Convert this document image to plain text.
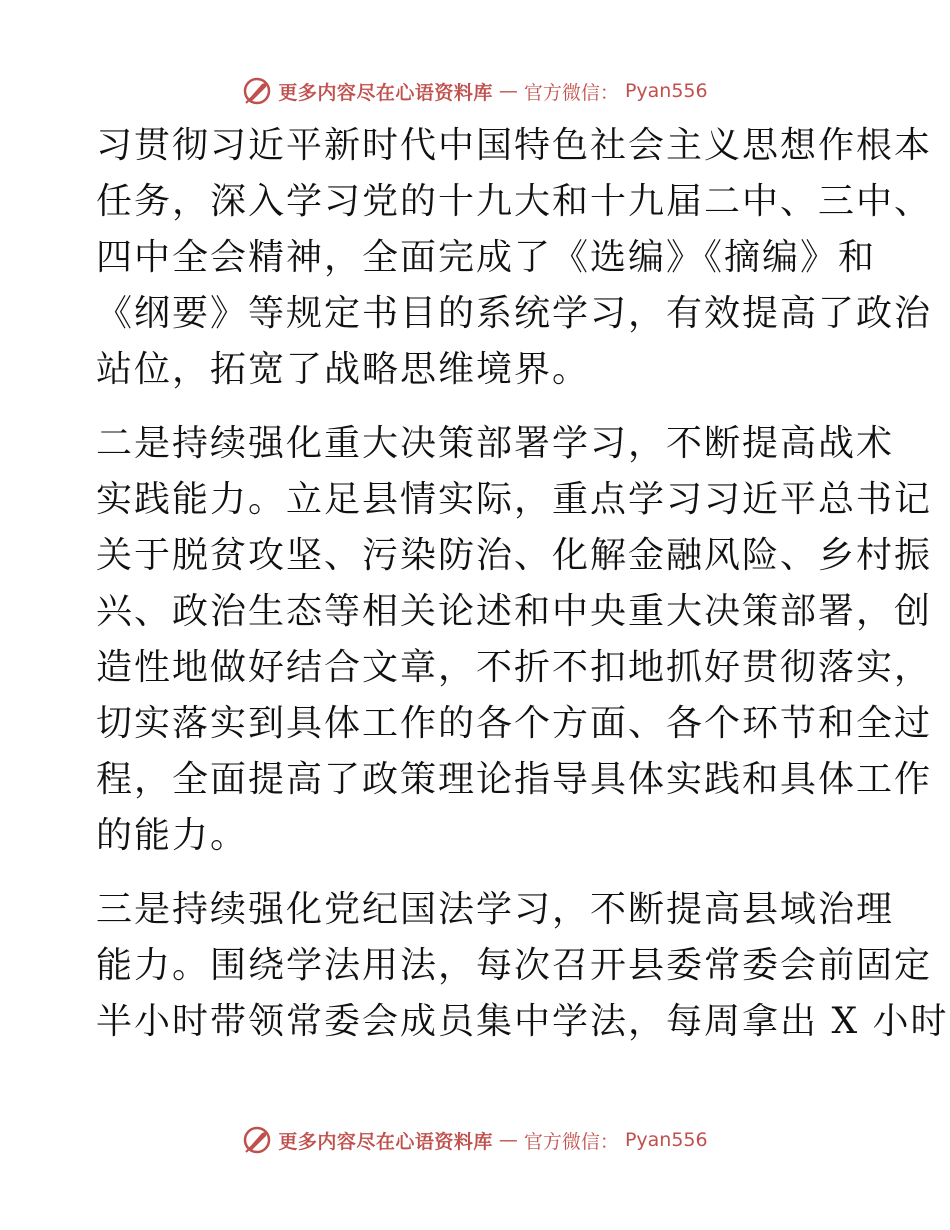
更多内容尽在心语资料库 — 官方微信： Pyan556
习贯彻习近平新时代中国特色社会主义思想作根本
任务，深入学习党的十九大和十九届二中、三中、
四中全会精神，全面完成了《选编》《摘编》和
《纲要》等规定书目的系统学习，有效提高了政治
站位，拓宽了战略思维境界。
二是持续强化重大决策部署学习，不断提高战术
实践能力。立足县情实际，重点学习习近平总书记
关于脱贫攻坚、污染防治、化解金融风险、乡村振
兴、政治生态等相关论述和中央重大决策部署，创
造性地做好结合文章，不折不扣地抓好贯彻落实，
切实落实到具体工作的各个方面、各个环节和全过
程，全面提高了政策理论指导具体实践和具体工作
的能力。
三是持续强化党纪国法学习，不断提高县域治理
能力。围绕学法用法，每次召开县委常委会前固定
半小时带领常委会成员集中学法，每周拿出 X 小时
更多内容尽在心语资料库 — 官方微信： Pyan556
